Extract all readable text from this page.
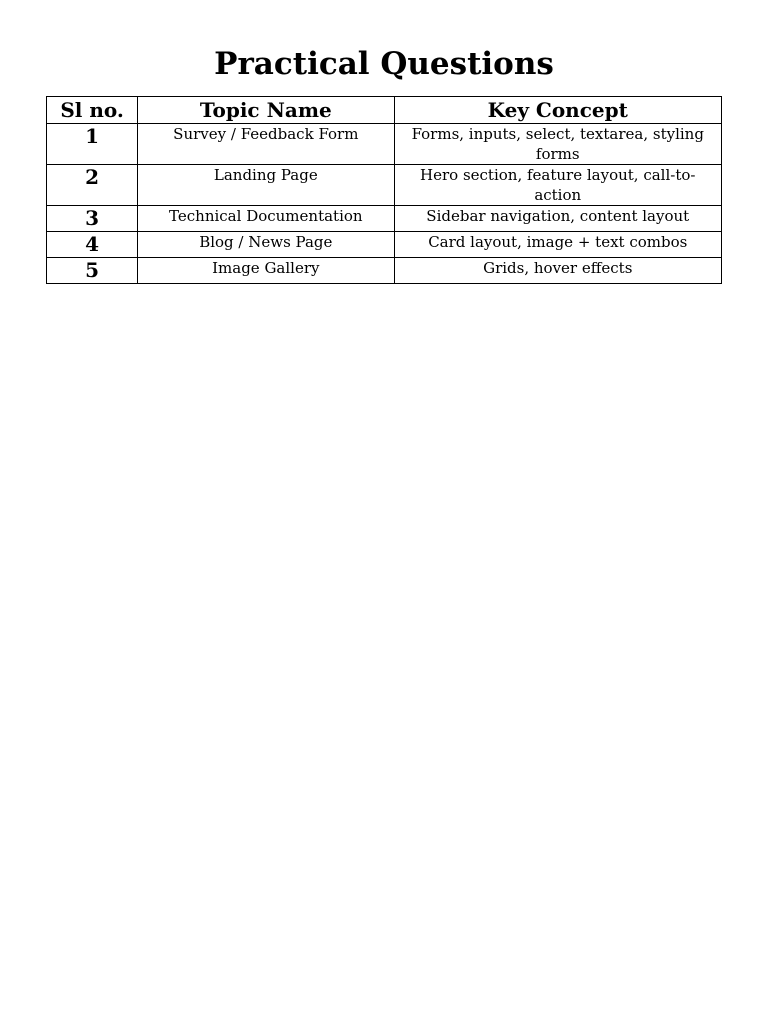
Practical Questions
Sl no.	Topic Name	Key Concept
1	Survey / Feedback Form	Forms, inputs, select, textarea, styling forms
2	Landing Page	Hero section, feature layout, call-to-action
3	Technical Documentation	Sidebar navigation, content layout
4	Blog / News Page	Card layout, image + text combos
5	Image Gallery	Grids, hover effects
